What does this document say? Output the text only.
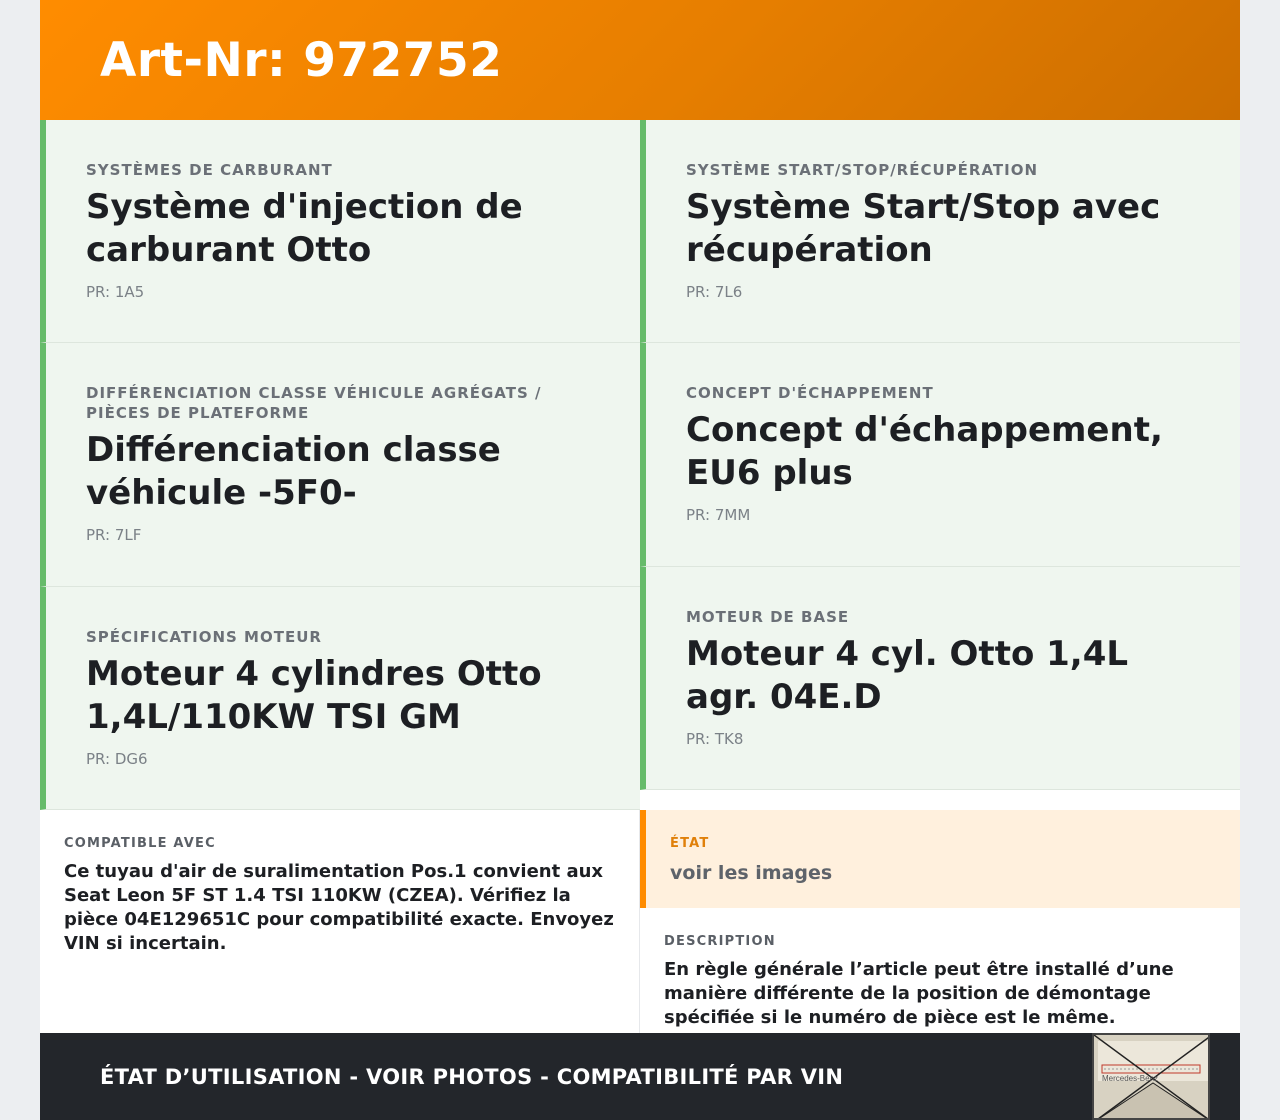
Art-Nr: 972752

SYSTÈMES DE CARBURANT

Système d'injection de carburant Otto

PR: 1A5

DIFFÉRENCIATION CLASSE VÉHICULE AGRÉGATS / PIÈCES DE PLATEFORME

Différenciation classe véhicule -5F0-

PR: 7LF

SPÉCIFICATIONS MOTEUR

Moteur 4 cylindres Otto 1,4L/110KW TSI GM

PR: DG6

COMPATIBLE AVEC

Ce tuyau d'air de suralimentation Pos.1 convient aux Seat Leon 5F ST 1.4 TSI 110KW (CZEA). Vérifiez la pièce 04E129651C pour compatibilité exacte. Envoyez VIN si incertain.

SYSTÈME START/STOP/RÉCUPÉRATION

Système Start/Stop avec récupération

PR: 7L6

CONCEPT D'ÉCHAPPEMENT

Concept d'échappement, EU6 plus

PR: 7MM

MOTEUR DE BASE

Moteur 4 cyl. Otto 1,4L agr. 04E.D

PR: TK8

ÉTAT

voir les images

DESCRIPTION

En règle générale l’article peut être installé d’une manière différente de la position de démontage spécifiée si le numéro de pièce est le même.

ÉTAT D’UTILISATION - VOIR PHOTOS - COMPATIBILITÉ PAR VIN	Mercedes-Benz
